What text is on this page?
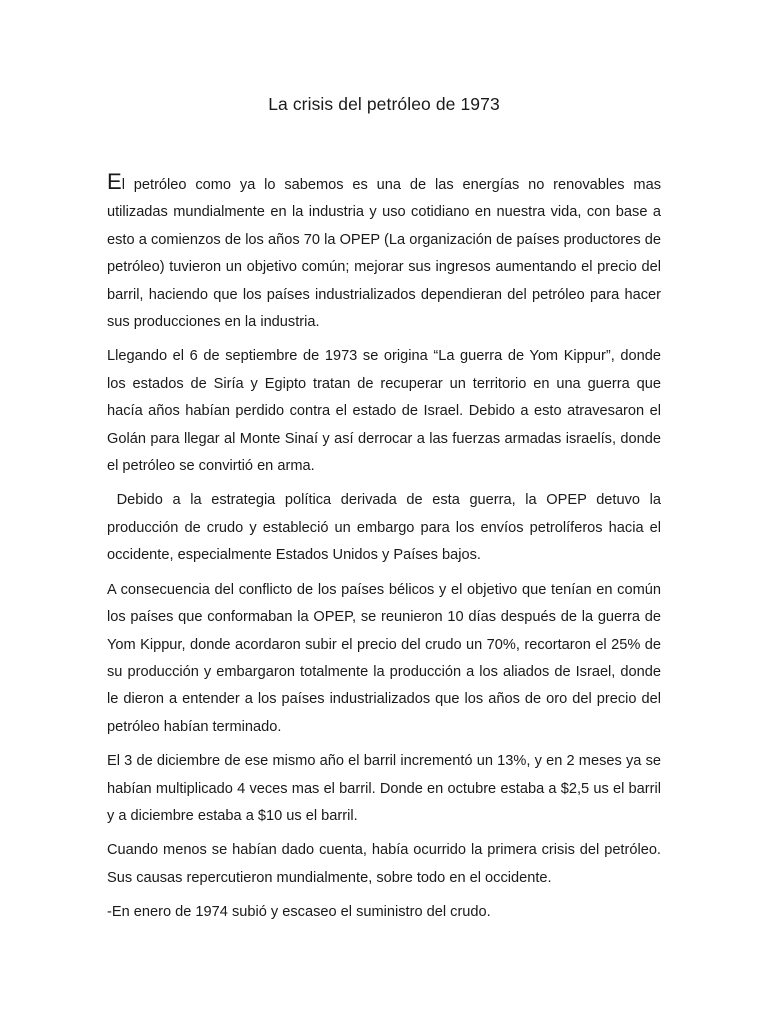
La crisis del petróleo de 1973

El petróleo como ya lo sabemos es una de las energías no renovables mas utilizadas mundialmente en la industria y uso cotidiano en nuestra vida, con base a esto a comienzos de los años 70 la OPEP (La organización de países productores de petróleo) tuvieron un objetivo común; mejorar sus ingresos aumentando el precio del barril, haciendo que los países industrializados dependieran del petróleo para hacer sus producciones en la industria.

Llegando el 6 de septiembre de 1973 se origina “La guerra de Yom Kippur”, donde los estados de Siría y Egipto tratan de recuperar un territorio en una guerra que hacía años habían perdido contra el estado de Israel. Debido a esto atravesaron el Golán para llegar al Monte Sinaí y así derrocar a las fuerzas armadas israelís, donde el petróleo se convirtió en arma.

Debido a la estrategia política derivada de esta guerra, la OPEP detuvo la producción de crudo y estableció un embargo para los envíos petrolíferos hacia el occidente, especialmente Estados Unidos y Países bajos.

A consecuencia del conflicto de los países bélicos y el objetivo que tenían en común los países que conformaban la OPEP, se reunieron 10 días después de la guerra de Yom Kippur, donde acordaron subir el precio del crudo un 70%, recortaron el 25% de su producción y embargaron totalmente la producción a los aliados de Israel, donde le dieron a entender a los países industrializados que los años de oro del precio del petróleo habían terminado.

El 3 de diciembre de ese mismo año el barril incrementó un 13%, y en 2 meses ya se habían multiplicado 4 veces mas el barril. Donde en octubre estaba a $2,5 us el barril y a diciembre estaba a $10 us el barril.

Cuando menos se habían dado cuenta, había ocurrido la primera crisis del petróleo. Sus causas repercutieron mundialmente, sobre todo en el occidente.

-En enero de 1974 subió y escaseo el suministro del crudo.
